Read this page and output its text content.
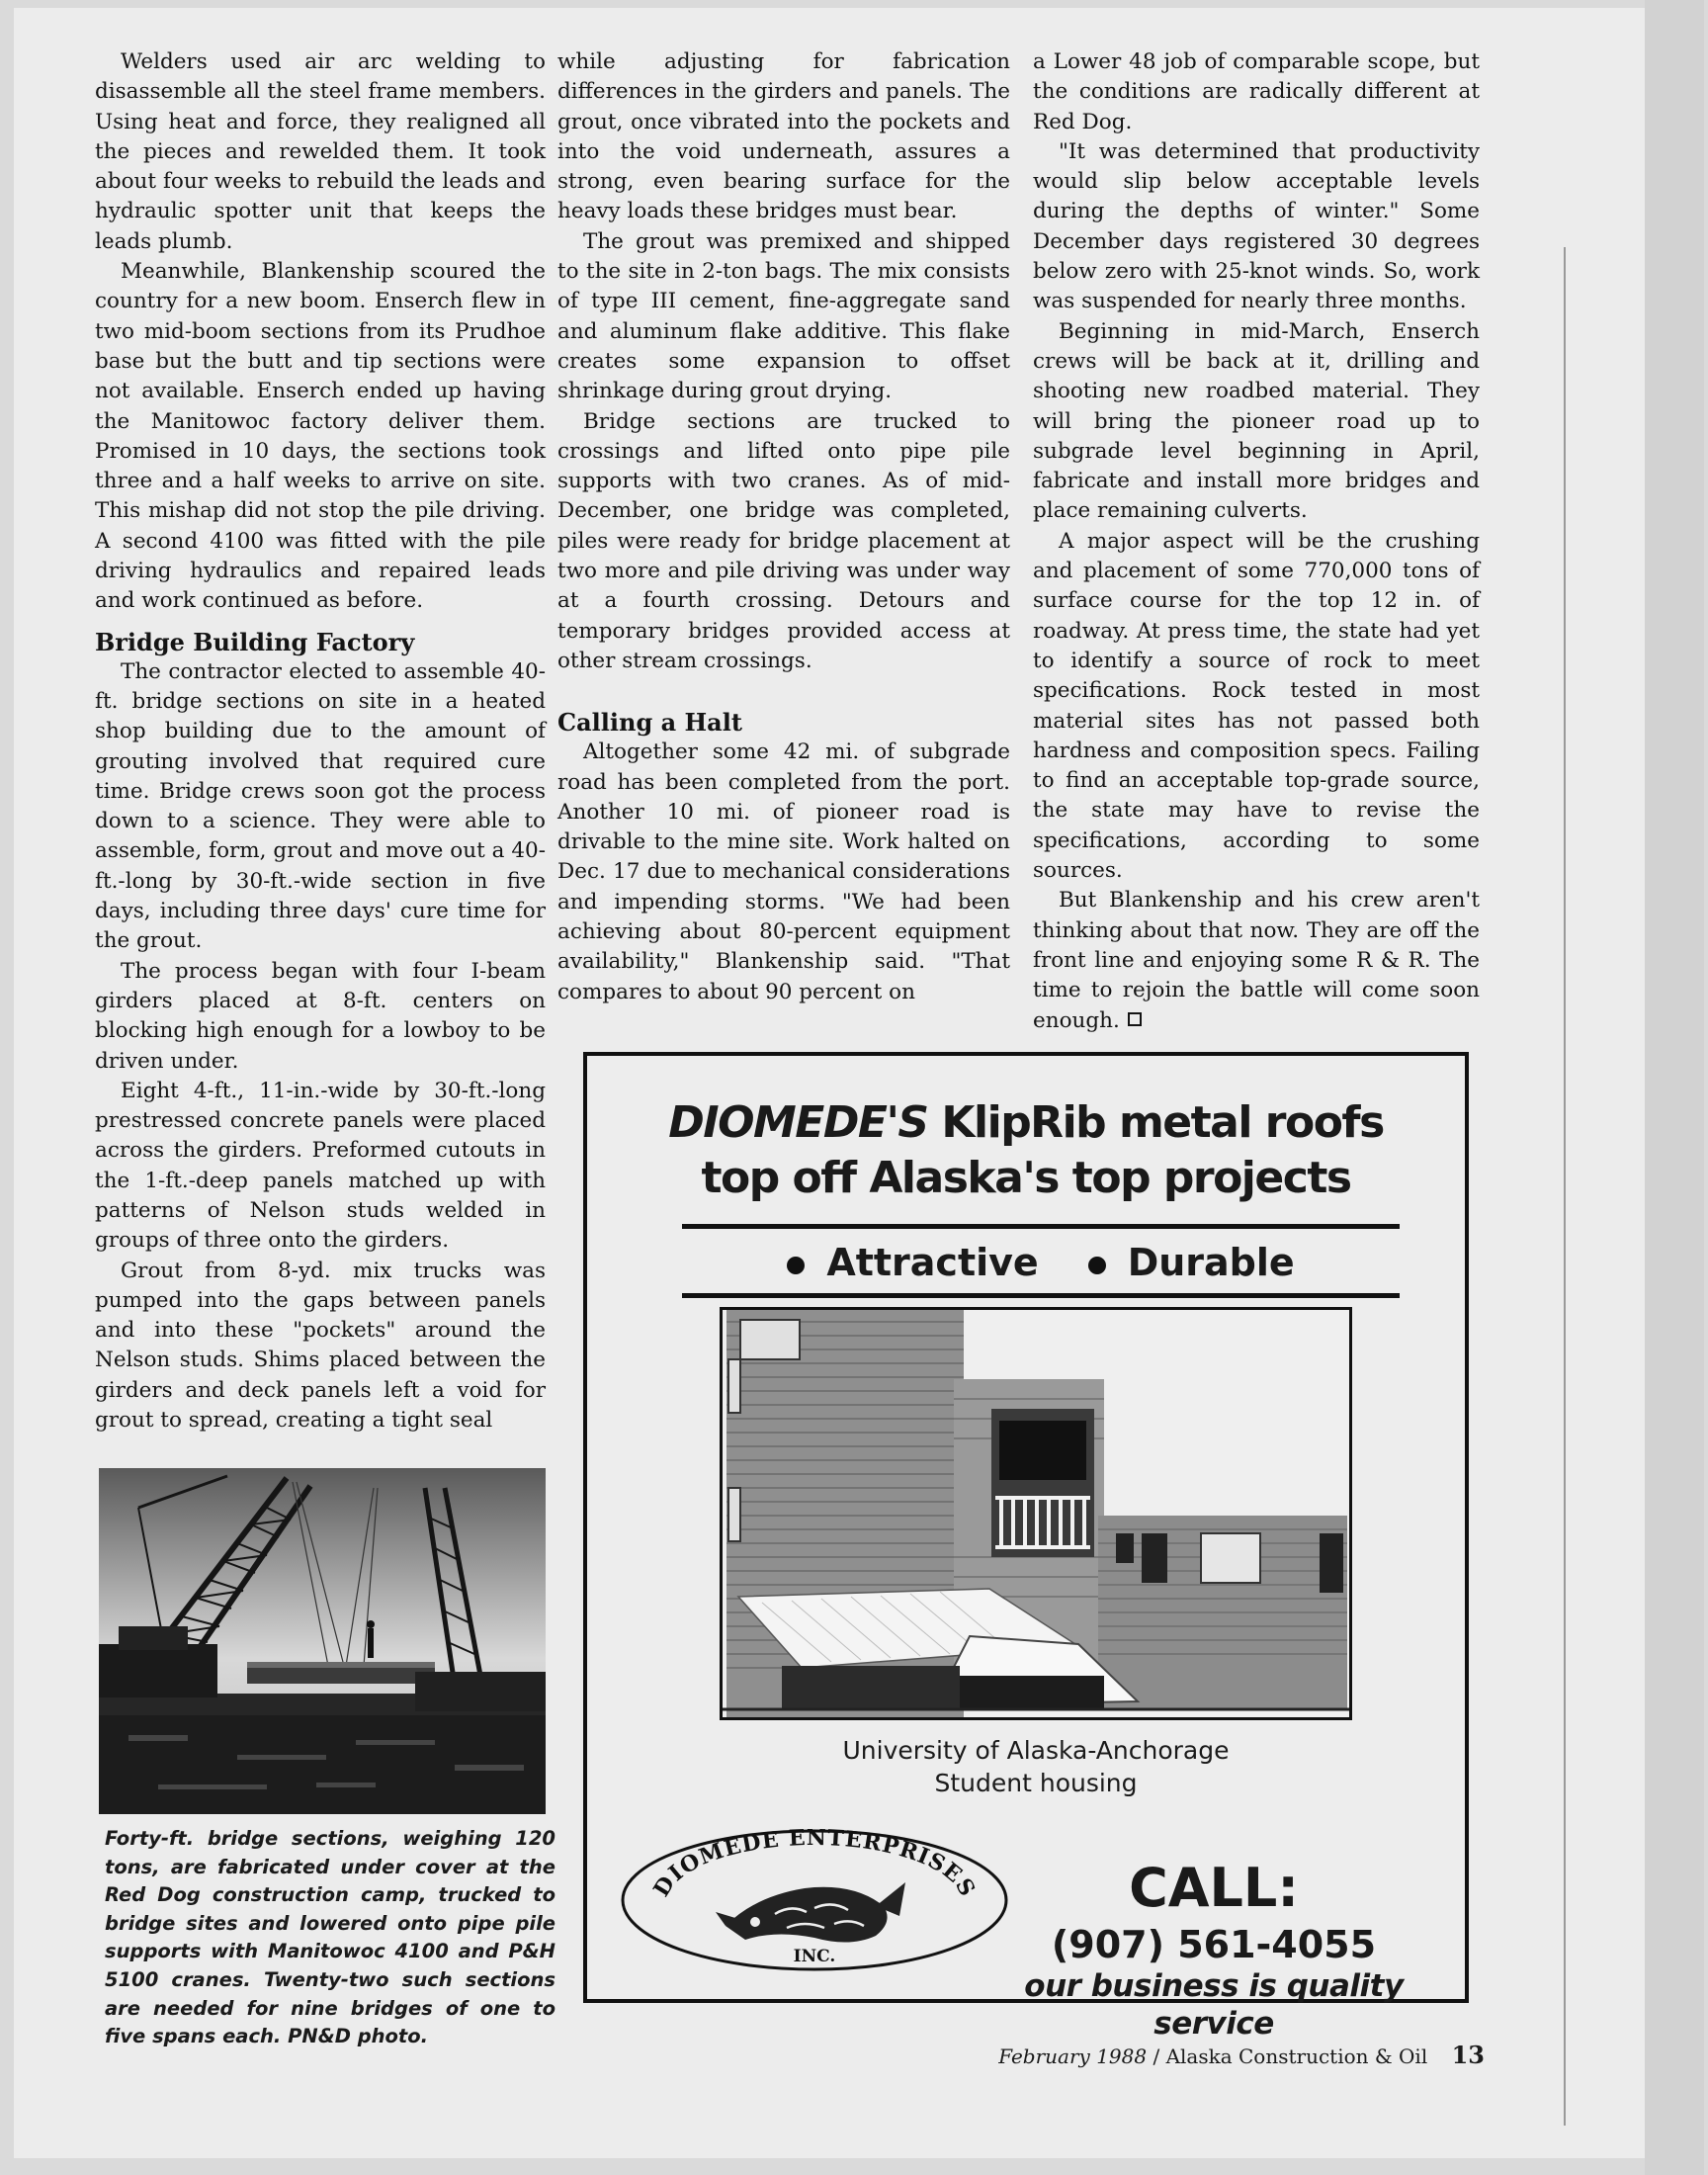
Welders used air arc welding to disassemble all the steel frame members. Using heat and force, they realigned all the pieces and rewelded them. It took about four weeks to rebuild the leads and hydraulic spotter unit that keeps the leads plumb.

Meanwhile, Blankenship scoured the country for a new boom. Enserch flew in two mid-boom sections from its Prudhoe base but the butt and tip sections were not available. Enserch ended up having the Manitowoc factory deliver them. Promised in 10 days, the sections took three and a half weeks to arrive on site. This mishap did not stop the pile driving. A second 4100 was fitted with the pile driving hydraulics and repaired leads and work continued as before.

Bridge Building Factory

The contractor elected to assemble 40-ft. bridge sections on site in a heated shop building due to the amount of grouting involved that required cure time. Bridge crews soon got the process down to a science. They were able to assemble, form, grout and move out a 40-ft.-long by 30-ft.-wide section in five days, including three days' cure time for the grout.

The process began with four I-beam girders placed at 8-ft. centers on blocking high enough for a lowboy to be driven under.

Eight 4-ft., 11-in.-wide by 30-ft.-long prestressed concrete panels were placed across the girders. Preformed cutouts in the 1-ft.-deep panels matched up with patterns of Nelson studs welded in groups of three onto the girders.

Grout from 8-yd. mix trucks was pumped into the gaps between panels and into these "pockets" around the Nelson studs. Shims placed between the girders and deck panels left a void for grout to spread, creating a tight seal

while adjusting for fabrication differences in the girders and panels. The grout, once vibrated into the pockets and into the void underneath, assures a strong, even bearing surface for the heavy loads these bridges must bear.

The grout was premixed and shipped to the site in 2-ton bags. The mix consists of type III cement, fine-aggregate sand and aluminum flake additive. This flake creates some expansion to offset shrinkage during grout drying.

Bridge sections are trucked to crossings and lifted onto pipe pile supports with two cranes. As of mid-December, one bridge was completed, piles were ready for bridge placement at two more and pile driving was under way at a fourth crossing. Detours and temporary bridges provided access at other stream crossings.

Calling a Halt

Altogether some 42 mi. of subgrade road has been completed from the port. Another 10 mi. of pioneer road is drivable to the mine site. Work halted on Dec. 17 due to mechanical considerations and impending storms. "We had been achieving about 80-percent equipment availability," Blankenship said. "That compares to about 90 percent on

a Lower 48 job of comparable scope, but the conditions are radically different at Red Dog.

"It was determined that productivity would slip below acceptable levels during the depths of winter." Some December days registered 30 degrees below zero with 25-knot winds. So, work was suspended for nearly three months.

Beginning in mid-March, Enserch crews will be back at it, drilling and shooting new roadbed material. They will bring the pioneer road up to subgrade level beginning in April, fabricate and install more bridges and place remaining culverts.

A major aspect will be the crushing and placement of some 770,000 tons of surface course for the top 12 in. of roadway. At press time, the state had yet to identify a source of rock to meet specifications. Rock tested in most material sites has not passed both hardness and composition specs. Failing to find an acceptable top-grade source, the state may have to revise the specifications, according to some sources.

But Blankenship and his crew aren't thinking about that now. They are off the front line and enjoying some R & R. The time to rejoin the battle will come soon enough.

Forty-ft. bridge sections, weighing 120 tons, are fabricated under cover at the Red Dog construction camp, trucked to bridge sites and lowered onto pipe pile supports with Manitowoc 4100 and P&H 5100 cranes. Twenty-two such sections are needed for nine bridges of one to five spans each. PN&D photo.
DIOMEDE'S KlipRib metal roofs
top off Alaska's top projects
Attractive	Durable
University of Alaska-Anchorage
Student housing
DIOMEDE ENTERPRISES
INC.
CALL:
(907) 561-4055
our business is quality service
February 1988 / Alaska Construction & Oil 13
